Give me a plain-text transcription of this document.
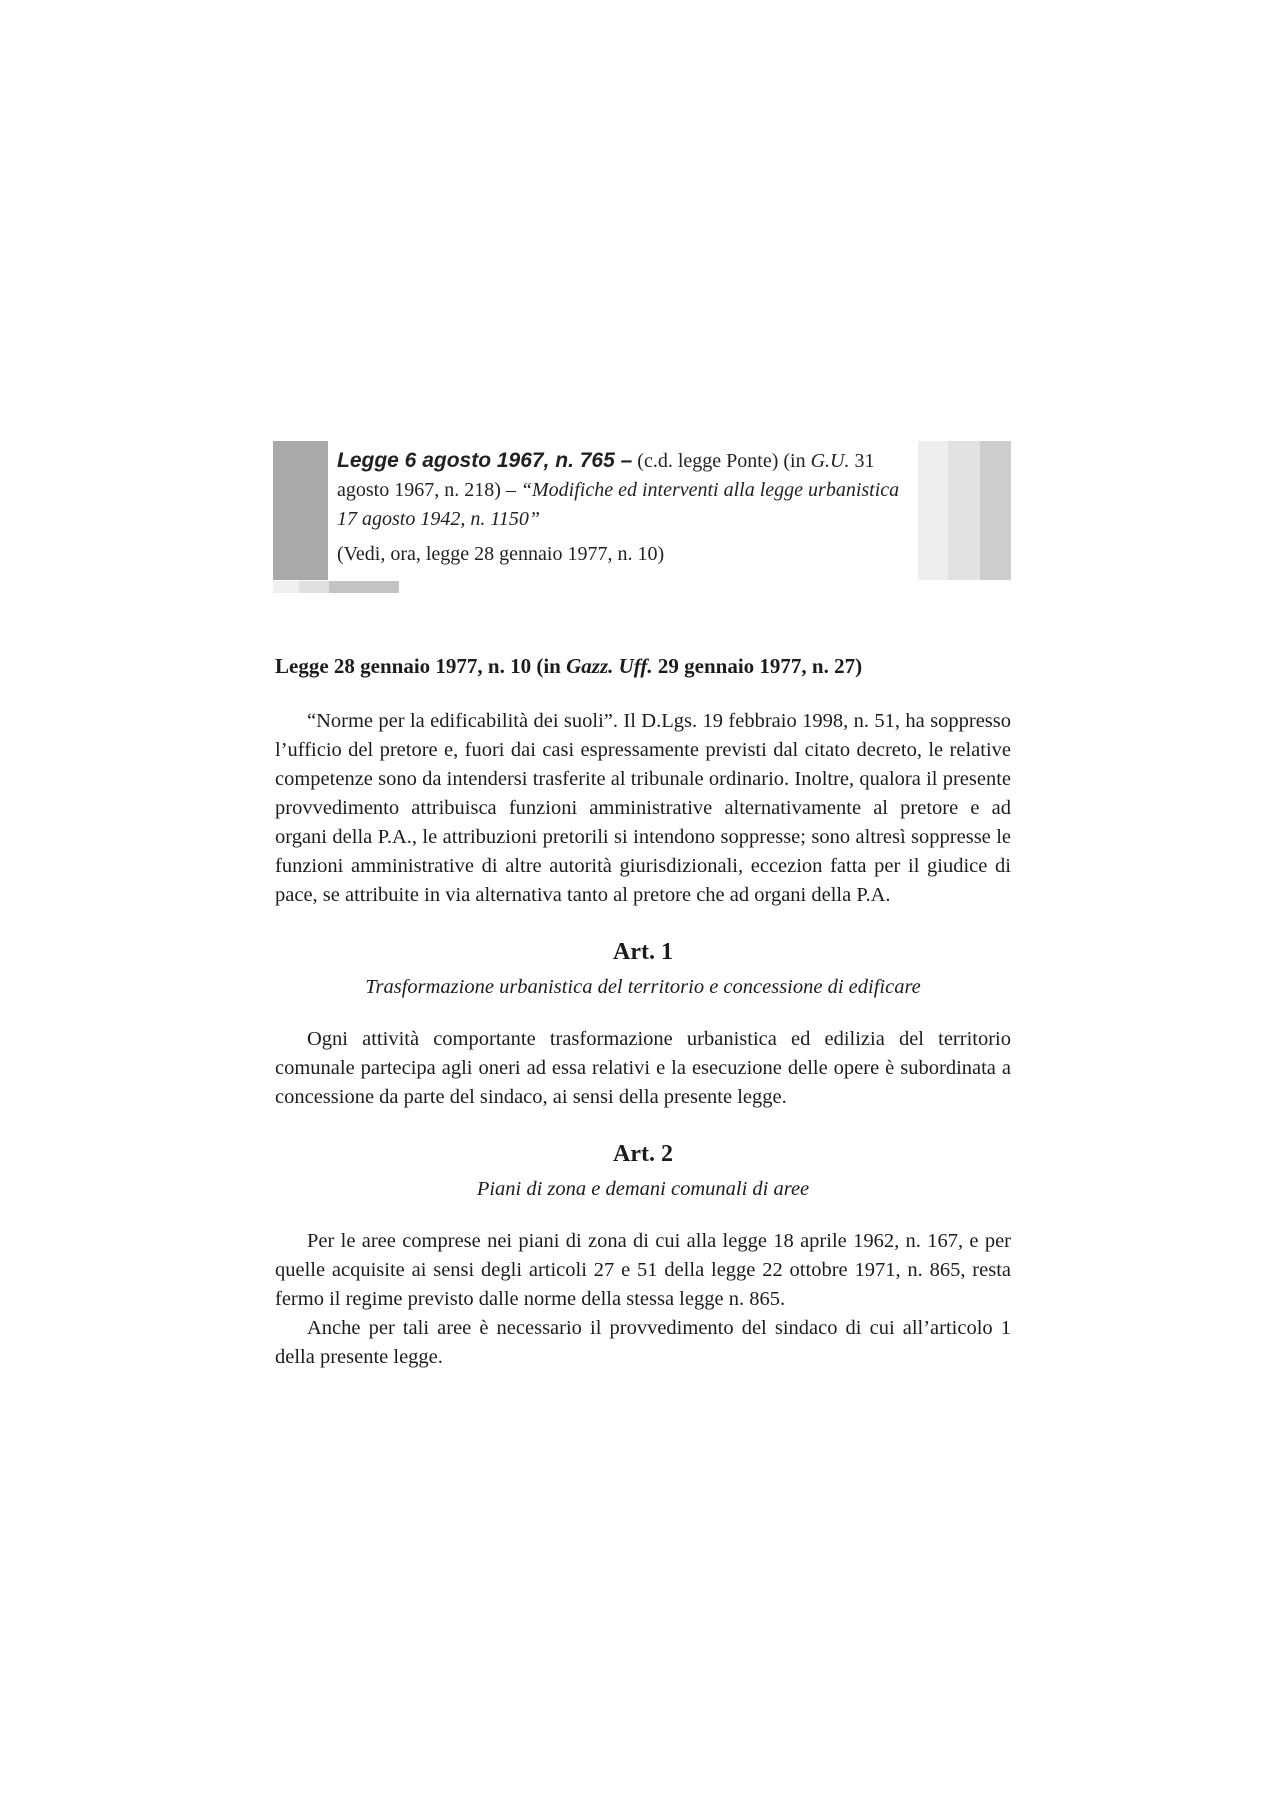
Legge 6 agosto 1967, n. 765 – (c.d. legge Ponte) (in G.U. 31 agosto 1967, n. 218) – “Modifiche ed interventi alla legge urbanistica 17 agosto 1942, n. 1150”

(Vedi, ora, legge 28 gennaio 1977, n. 10)

Legge 28 gennaio 1977, n. 10 (in Gazz. Uff. 29 gennaio 1977, n. 27)

“Norme per la edificabilità dei suoli”. Il D.Lgs. 19 febbraio 1998, n. 51, ha soppresso l’ufficio del pretore e, fuori dai casi espressamente previsti dal citato decreto, le relative competenze sono da intendersi trasferite al tribunale ordinario. Inoltre, qualora il presente provvedimento attribuisca funzioni amministrative alternativamente al pretore e ad organi della P.A., le attribuzioni pretorili si intendono soppresse; sono altresì soppresse le funzioni amministrative di altre autorità giurisdizionali, eccezion fatta per il giudice di pace, se attribuite in via alternativa tanto al pretore che ad organi della P.A.

Art. 1

Trasformazione urbanistica del territorio e concessione di edificare

Ogni attività comportante trasformazione urbanistica ed edilizia del territorio comunale partecipa agli oneri ad essa relativi e la esecuzione delle opere è subordinata a concessione da parte del sindaco, ai sensi della presente legge.

Art. 2

Piani di zona e demani comunali di aree

Per le aree comprese nei piani di zona di cui alla legge 18 aprile 1962, n. 167, e per quelle acquisite ai sensi degli articoli 27 e 51 della legge 22 ottobre 1971, n. 865, resta fermo il regime previsto dalle norme della stessa legge n. 865.

Anche per tali aree è necessario il provvedimento del sindaco di cui all’articolo 1 della presente legge.
